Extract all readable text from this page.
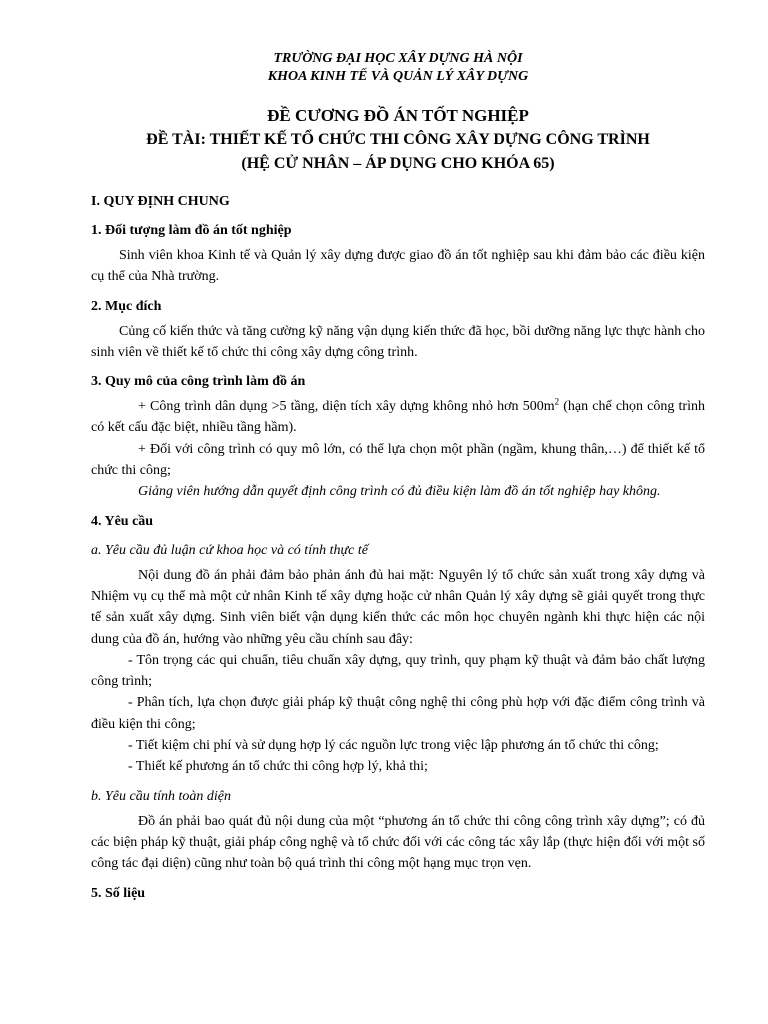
TRƯỜNG ĐẠI HỌC XÂY DỰNG HÀ NỘI
KHOA KINH TẾ VÀ QUẢN LÝ XÂY DỰNG
ĐỀ CƯƠNG ĐỒ ÁN TỐT NGHIỆP
ĐỀ TÀI: THIẾT KẾ TỔ CHỨC THI CÔNG XÂY DỰNG CÔNG TRÌNH
(HỆ CỬ NHÂN – ÁP DỤNG CHO KHÓA 65)
I. QUY ĐỊNH CHUNG
1. Đối tượng làm đồ án tốt nghiệp

Sinh viên khoa Kinh tế và Quản lý xây dựng được giao đồ án tốt nghiệp sau khi đảm bảo các điều kiện cụ thể của Nhà trường.

2. Mục đích

Củng cố kiến thức và tăng cường kỹ năng vận dụng kiến thức đã học, bồi dưỡng năng lực thực hành cho sinh viên về thiết kế tổ chức thi công xây dựng công trình.

3. Quy mô của công trình làm đồ án

+ Công trình dân dụng >5 tầng, diện tích xây dựng không nhỏ hơn $500m^2$ (hạn chế chọn công trình có kết cấu đặc biệt, nhiều tầng hầm).

+ Đối với công trình có quy mô lớn, có thể lựa chọn một phần (ngầm, khung thân,…) để thiết kế tổ chức thi công;

Giảng viên hướng dẫn quyết định công trình có đủ điều kiện làm đồ án tốt nghiệp hay không.

4. Yêu cầu
a. Yêu cầu đủ luận cứ khoa học và có tính thực tế

Nội dung đồ án phải đảm bảo phản ánh đủ hai mặt: Nguyên lý tổ chức sản xuất trong xây dựng và Nhiệm vụ cụ thể mà một cử nhân Kinh tế xây dựng hoặc cử nhân Quản lý xây dựng sẽ giải quyết trong thực tế sản xuất xây dựng. Sinh viên biết vận dụng kiến thức các môn học chuyên ngành khi thực hiện các nội dung của đồ án, hướng vào những yêu cầu chính sau đây:

- Tôn trọng các qui chuẩn, tiêu chuẩn xây dựng, quy trình, quy phạm kỹ thuật và đảm bảo chất lượng công trình;

- Phân tích, lựa chọn được giải pháp kỹ thuật công nghệ thi công phù hợp với đặc điểm công trình và điều kiện thi công;

- Tiết kiệm chi phí và sử dụng hợp lý các nguồn lực trong việc lập phương án tổ chức thi công;

- Thiết kế phương án tổ chức thi công hợp lý, khả thi;

b. Yêu cầu tính toàn diện

Đồ án phải bao quát đủ nội dung của một “phương án tổ chức thi công công trình xây dựng”; có đủ các biện pháp kỹ thuật, giải pháp công nghệ và tổ chức đối với các công tác xây lắp (thực hiện đối với một số công tác đại diện) cũng như toàn bộ quá trình thi công một hạng mục trọn vẹn.

5. Số liệu
